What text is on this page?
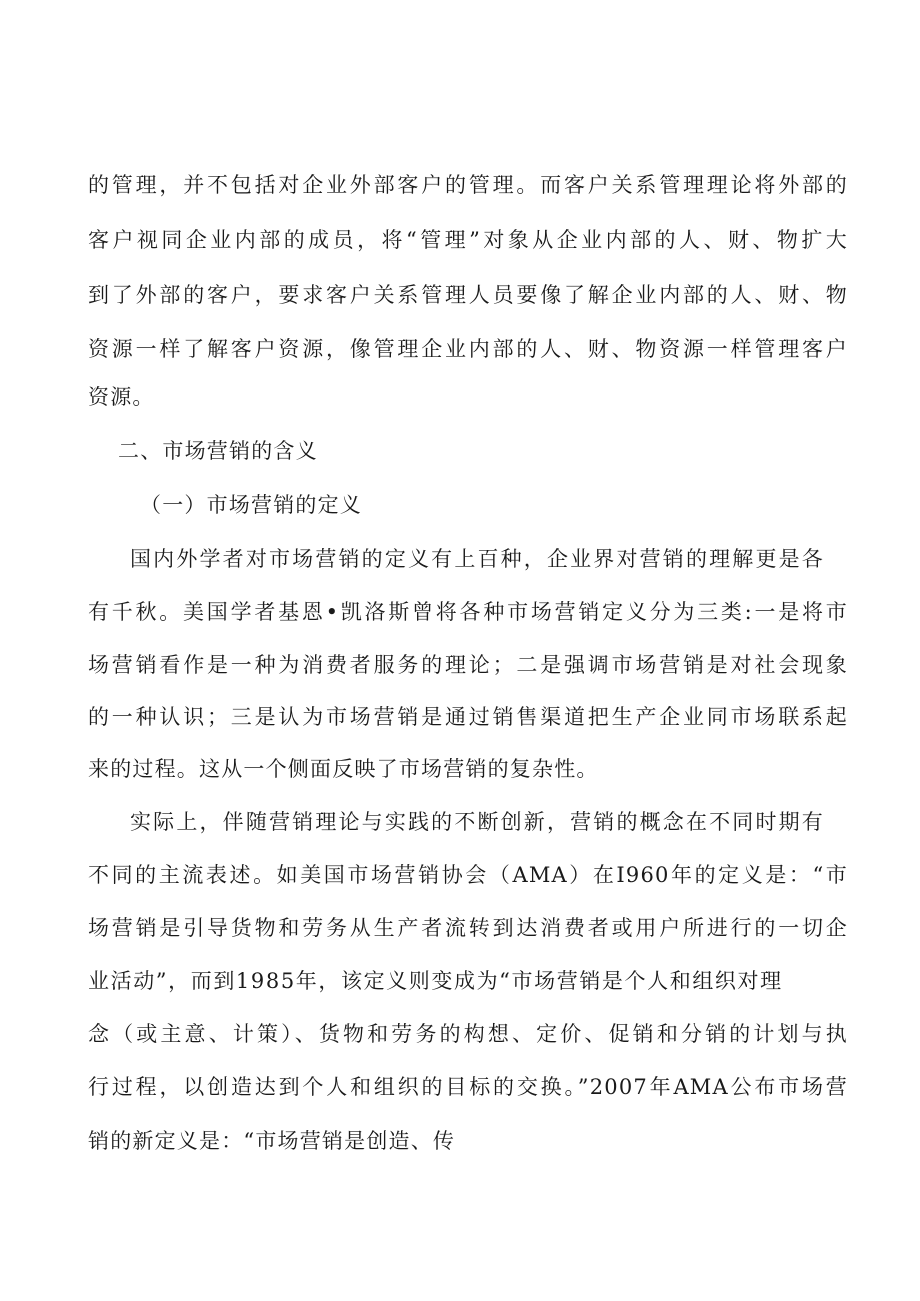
的管理，并不包括对企业外部客户的管理。而客户关系管理理论将外部的
客户视同企业内部的成员，将“管理”对象从企业内部的人、财、物扩大
到了外部的客户，要求客户关系管理人员要像了解企业内部的人、财、物
资源一样了解客户资源，像管理企业内部的人、财、物资源一样管理客户
资源。
二、市场营销的含义
（一）市场营销的定义
国内外学者对市场营销的定义有上百种，企业界对营销的理解更是各
有千秋。美国学者基恩•凯洛斯曾将各种市场营销定义分为三类:一是将市
场营销看作是一种为消费者服务的理论；二是强调市场营销是对社会现象
的一种认识；三是认为市场营销是通过销售渠道把生产企业同市场联系起
来的过程。这从一个侧面反映了市场营销的复杂性。
实际上，伴随营销理论与实践的不断创新，营销的概念在不同时期有
不同的主流表述。如美国市场营销协会（AMA）在I960年的定义是：“市
场营销是引导货物和劳务从生产者流转到达消费者或用户所进行的一切企
业活动”，而到1985年，该定义则变成为“市场营销是个人和组织对理
念（或主意、计策）、货物和劳务的构想、定价、促销和分销的计划与执
行过程，以创造达到个人和组织的目标的交换。”2007年AMA公布市场营
销的新定义是：“市场营销是创造、传
